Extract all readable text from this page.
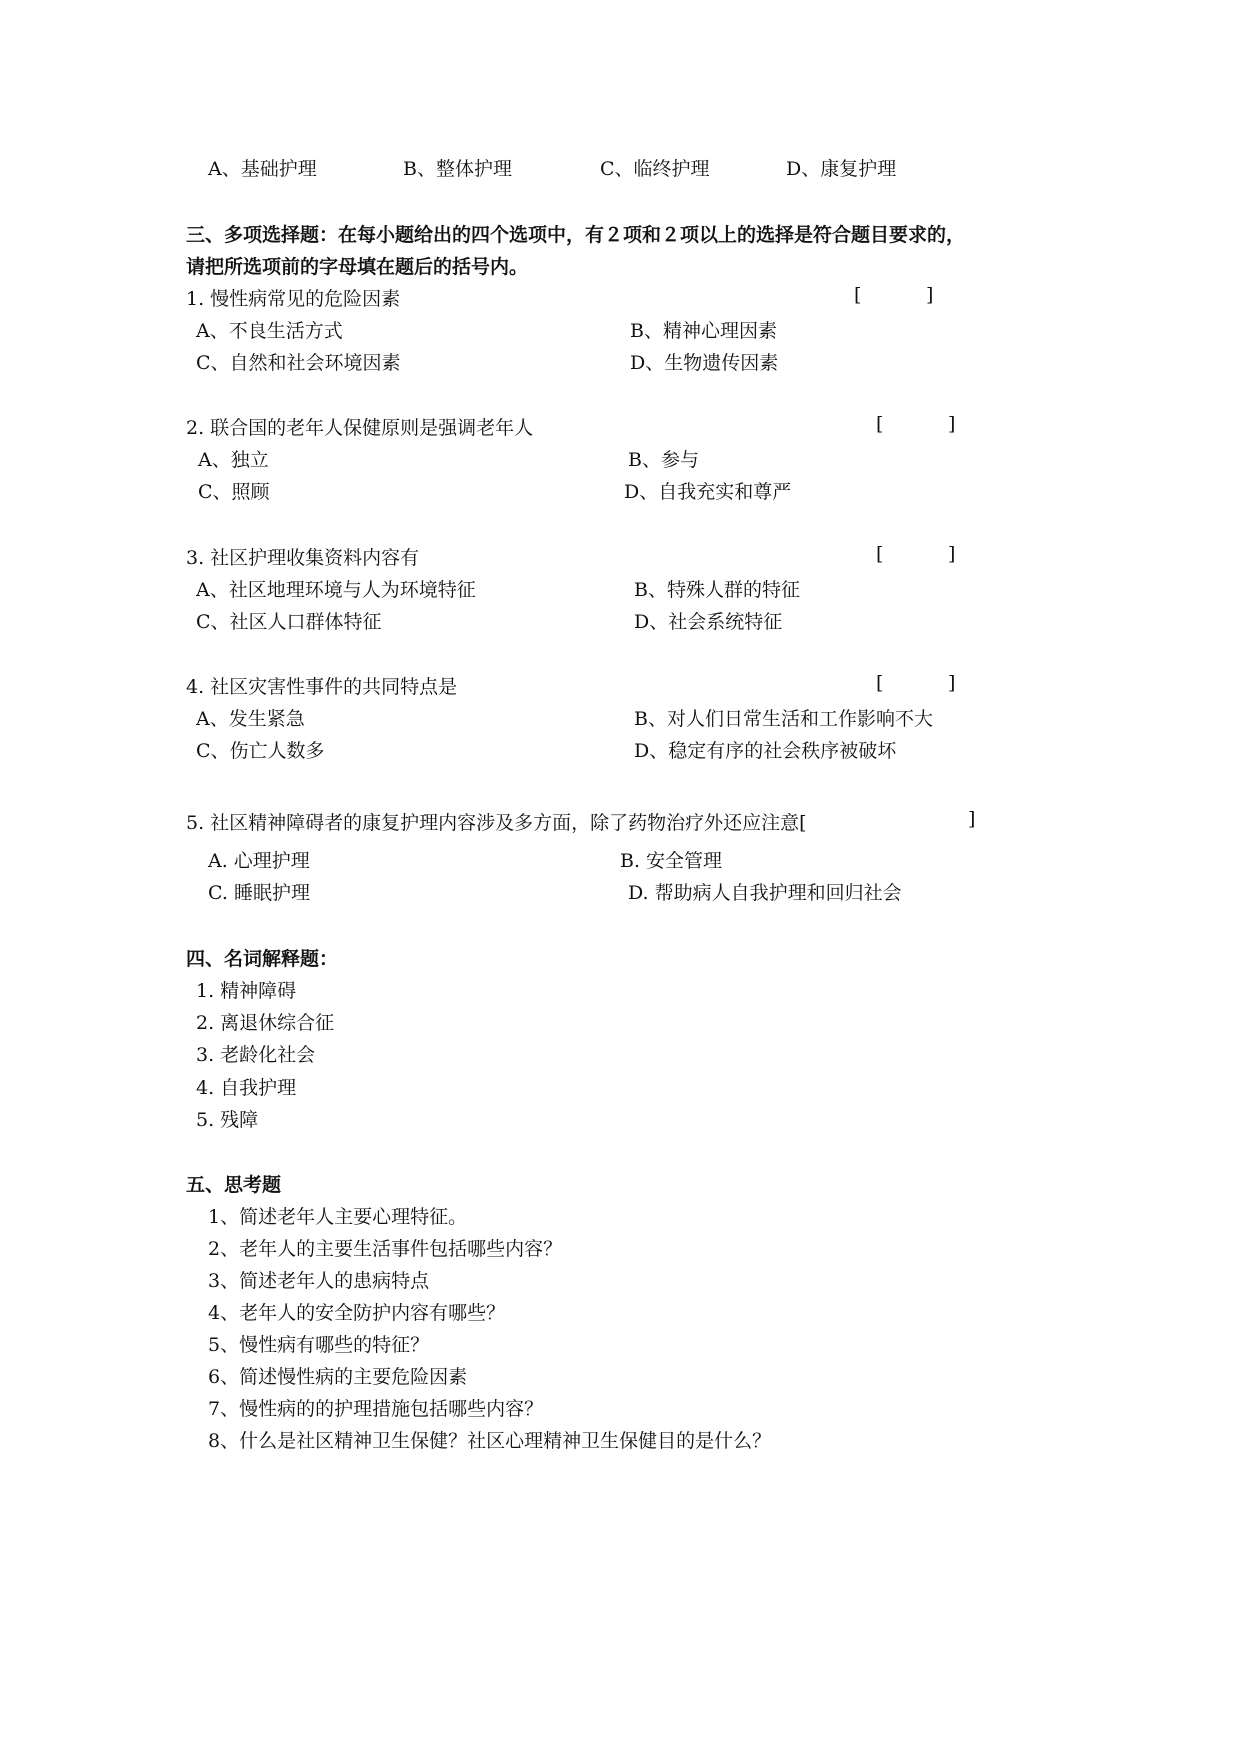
A、基础护理	B、整体护理	C、临终护理	D、康复护理
三、多项选择题：在每小题给出的四个选项中，有２项和２项以上的选择是符合题目要求的，
请把所选项前的字母填在题后的括号内。
1. 慢性病常见的危险因素	[	]
A、不良生活方式	B、精神心理因素
C、自然和社会环境因素	D、生物遗传因素
2. 联合国的老年人保健原则是强调老年人	[	]
A、独立	B、参与
C、照顾	D、自我充实和尊严
3. 社区护理收集资料内容有	[	]
A、社区地理环境与人为环境特征	B、特殊人群的特征
C、社区人口群体特征	D、社会系统特征
4. 社区灾害性事件的共同特点是	[	]
A、发生紧急	B、对人们日常生活和工作影响不大
C、伤亡人数多	D、稳定有序的社会秩序被破坏
5. 社区精神障碍者的康复护理内容涉及多方面，除了药物治疗外还应注意[	]
A. 心理护理	B. 安全管理
C. 睡眠护理	D. 帮助病人自我护理和回归社会
四、名词解释题：
1. 精神障碍
2. 离退休综合征
3. 老龄化社会
4. 自我护理
5. 残障
五、思考题
1、简述老年人主要心理特征。
2、老年人的主要生活事件包括哪些内容？
3、简述老年人的患病特点
4、老年人的安全防护内容有哪些？
5、慢性病有哪些的特征？
6、简述慢性病的主要危险因素
7、慢性病的的护理措施包括哪些内容？
8、什么是社区精神卫生保健？社区心理精神卫生保健目的是什么？
